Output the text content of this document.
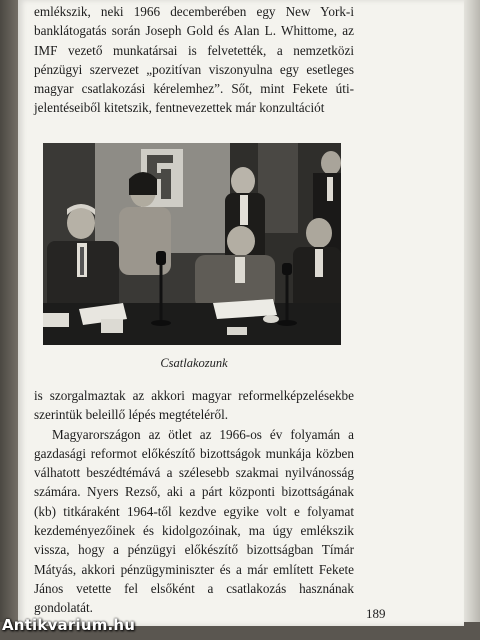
emlékszik, neki 1966 decemberében egy New York-i banklátogatás során Joseph Gold és Alan L. Whittome, az IMF vezető munkatársai is felvetették, a nemzetközi pénzügyi szervezet „pozitívan viszonyulna egy esetleges magyar csatlakozási kérelemhez”. Sőt, mint Fekete úti-jelentéseiből kitetszik, fentnevezettek már konzultációt

Csatlakozunk

is szorgalmaztak az akkori magyar reformelképzelésekbe szerintük beleillő lépés megtételéről.

Magyarországon az ötlet az 1966-os év folyamán a gazdasági reformot előkészítő bizottságok munkája közben válhatott beszédtémává a szélesebb szakmai nyilvánosság számára. Nyers Rezső, aki a párt központi bizottságának (kb) titkáraként 1964-től kezdve egyike volt e folyamat kezdeményezőinek és kidolgozóinak, ma úgy emlékszik vissza, hogy a pénzügyi előkészítő bizottságban Tímár Mátyás, akkori pénzügyminiszter és a már említett Fekete János vetette fel elsőként a csatlakozás hasznának gondolatát.	189
Antikvarium.hu
